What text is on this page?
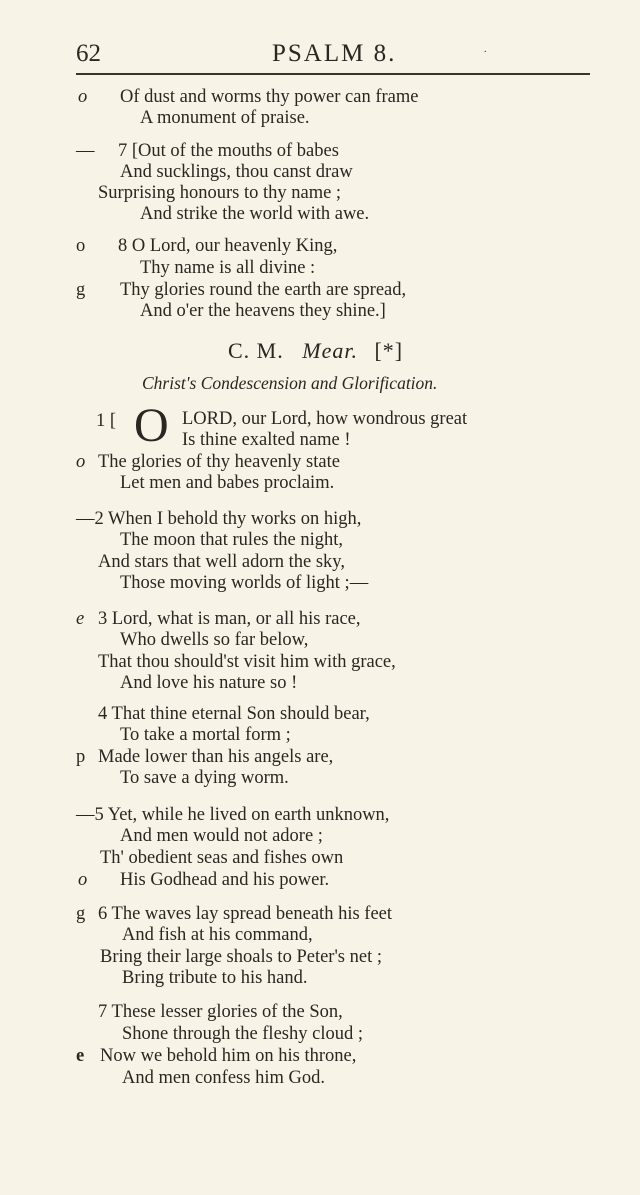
62	PSALM 8.	.
o Of dust and worms thy power can frame
A monument of praise.
— 7 [Out of the mouths of babes
And sucklings, thou canst draw
Surprising honours to thy name ;
And strike the world with awe.
o 8 O Lord, our heavenly King,
Thy name is all divine :
g Thy glories round the earth are spread,
And o'er the heavens they shine.]
C. M. Mear. [*]
Christ's Condescension and Glorification.
1 [ O LORD, our Lord, how wondrous great
Is thine exalted name !
o The glories of thy heavenly state
Let men and babes proclaim.
—2 When I behold thy works on high,
The moon that rules the night,
And stars that well adorn the sky,
Those moving worlds of light ;—
e 3 Lord, what is man, or all his race,
Who dwells so far below,
That thou should'st visit him with grace,
And love his nature so !
4 That thine eternal Son should bear,
To take a mortal form ;
p Made lower than his angels are,
To save a dying worm.
—5 Yet, while he lived on earth unknown,
And men would not adore ;
Th' obedient seas and fishes own
o His Godhead and his power.
g 6 The waves lay spread beneath his feet
And fish at his command,
Bring their large shoals to Peter's net ;
Bring tribute to his hand.
7 These lesser glories of the Son,
Shone through the fleshy cloud ;
e Now we behold him on his throne,
And men confess him God.
